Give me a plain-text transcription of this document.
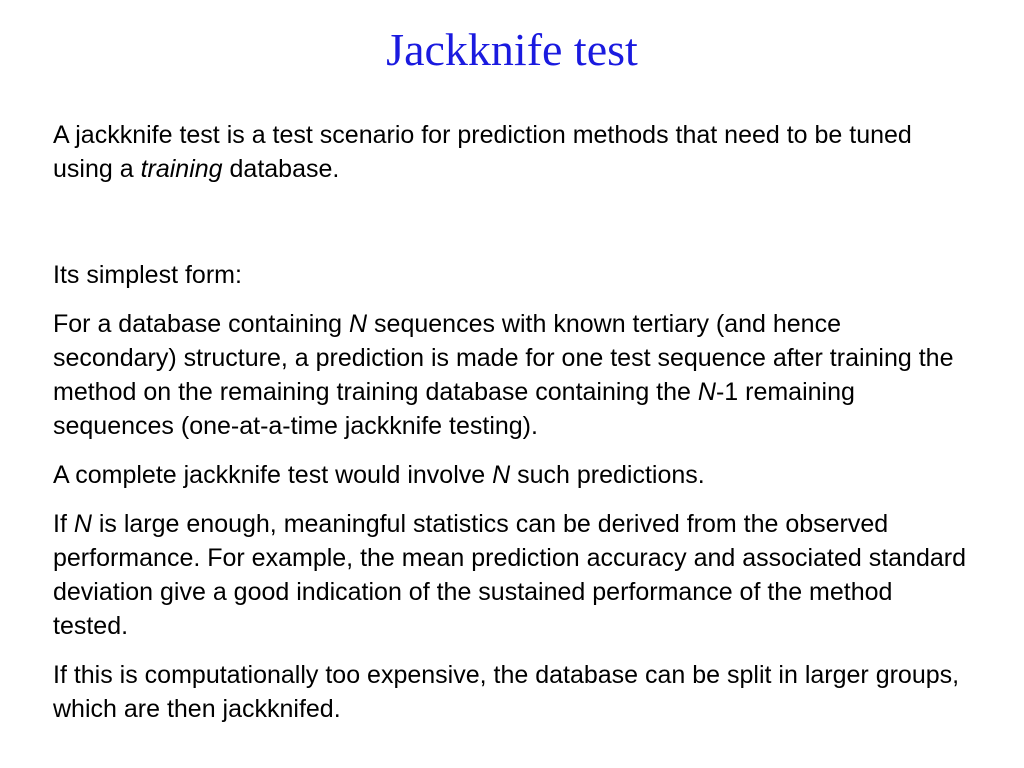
Jackknife test

A jackknife test is a test scenario for prediction methods that need to be tuned using a training database.

Its simplest form:

For a database containing N sequences with known tertiary (and hence secondary) structure, a prediction is made for one test sequence after training the method on the remaining training database containing the N-1 remaining sequences (one-at-a-time jackknife testing).

A complete jackknife test would involve N such predictions.

If N is large enough, meaningful statistics can be derived from the observed performance. For example, the mean prediction accuracy and associated standard deviation give a good indication of the sustained performance of the method tested.

If this is computationally too expensive, the database can be split in larger groups, which are then jackknifed.
